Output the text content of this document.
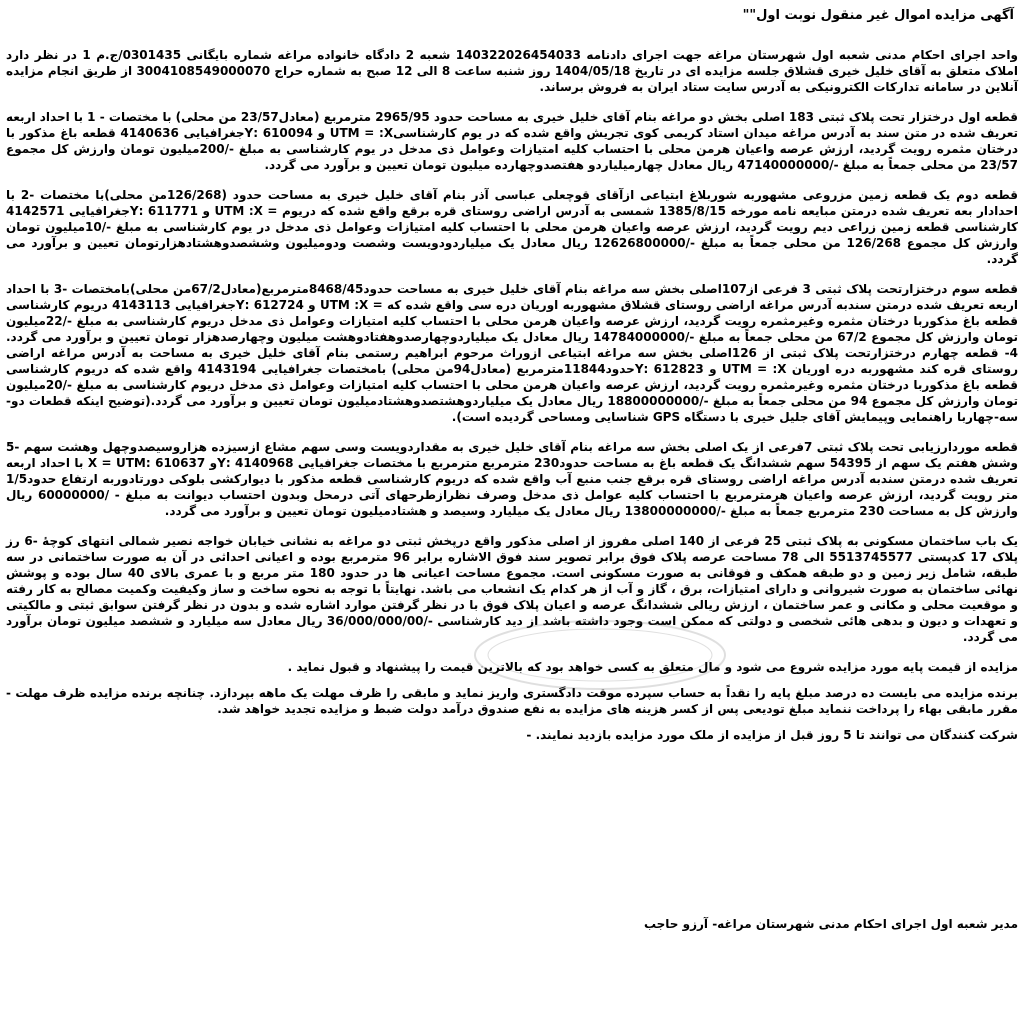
آگهی مزایده اموال غیر منقول نوبت اول""

واحد اجرای احکام مدنی شعبه اول شهرستان مراغه جهت اجرای دادنامه 140322026454033 شعبه 2 دادگاه خانواده مراغه شماره بایگانی 0301435/ج.م 1 در نظر دارد املاک متعلق به آقای خلیل خیری قشلاق جلسه مزایده ای در تاریخ 1404/05/18 روز شنبه ساعت 8 الی 12 صبح به شماره حراج 3004108549000070 از طریق انجام مزایده آنلاین در سامانه تدارکات الکترونیکی به آدرس سایت ستاد ایران به فروش برساند.

قطعه اول درختزار تحت پلاک ثبتی 183 اصلی بخش دو مراغه بنام آقای خلیل خیری به مساحت حدود 2965/95 مترمربع (معادل23/57 من محلی) با مختصات - 1 با احداد اربعه تعریف شده در متن سند به آدرس مراغه میدان استاد کریمی کوی تجریش واقع شده که در یوم کارشناسیUTM = :X و 610094 :Yجغرافیایی 4140636 قطعه باغ مذکور با درختان مثمره رویت گردید، ارزش عرصه واعیان هرمن محلی با احتساب کلیه امتیازات وعوامل ذی مدخل در یوم کارشناسی به مبلغ -/200میلیون تومان وارزش کل مجموع 23/57 من محلی جمعاً به مبلغ -/47140000000 ریال معادل چهارمیلیاردو هفتصدوچهارده میلیون تومان تعیین و برآورد می گردد.

قطعه دوم یک قطعه زمین مزروعی مشهوربه شوربلاغ ابتیاعی ازآقای قوچعلی عباسی آذر بنام آقای خلیل خیری به مساحت حدود (126/268من محلی)با مختصات -2 با احدادار بعه تعریف شده درمتن مبایعه نامه مورخه 1385/8/15 شمسی به آدرس اراضی روستای قره برقع واقع شده که دریوم = UTM :X و 611771 :Yجغرافیایی 4142571 کارشناسی قطعه زمین زراعی دیم رویت گردید، ارزش عرصه واعیان هرمن محلی با احتساب کلیه امتیازات وعوامل ذی مدخل در یوم کارشناسی به مبلغ -/10میلیون تومان وارزش کل مجموع 126/268 من محلی جمعاً به مبلغ -/12626800000 ریال معادل یک میلیاردودویست وشصت ودومیلیون وششصدوهشتادهزارتومان تعیین و برآورد می گردد.

قطعه سوم درختزارتحت پلاک ثبتی 3 فرعی از107اصلی بخش سه مراغه بنام آقای خلیل خیری به مساحت حدود8468/45مترمربع(معادل67/2من محلی)بامختصات -3 با احداد اربعه تعریف شده درمتن سندبه آدرس مراغه اراضی روستای قشلاق مشهوربه اوریان دره سی واقع شده که = UTM :X و 612724 :Yجغرافیایی 4143113 دریوم کارشناسی قطعه باغ مذکوربا درختان مثمره وغیرمثمره رویت گردید، ارزش عرصه واعیان هرمن محلی با احتساب کلیه امتیازات وعوامل ذی مدخل دریوم کارشناسی به مبلغ -/22میلیون تومان وارزش کل مجموع 67/2 من محلی جمعاً به مبلغ -/14784000000 ریال معادل یک میلیاردوچهارصدوهفتادوهشت میلیون وچهارصدهزار تومان تعیین و برآورد می گردد. 4- قطعه چهارم درختزارتحت پلاک ثبتی از 126اصلی بخش سه مراغه ابتیاعی ازوراث مرحوم ابراهیم رستمی بنام آقای خلیل خیری به مساحت به آدرس مراغه اراضی روستای قره کند مشهوربه دره اوریان UTM = :X و 612823 :Yحدود11844مترمربع (معادل94من محلی) بامختصات جغرافیایی 4143194 واقع شده که دریوم کارشناسی قطعه باغ مذکوربا درختان مثمره وغیرمثمره رویت گردید، ارزش عرصه واعیان هرمن محلی با احتساب کلیه امتیازات وعوامل ذی مدخل دریوم کارشناسی به مبلغ -/20میلیون تومان وارزش کل مجموع 94 من محلی جمعاً به مبلغ -/18800000000 ریال معادل یک میلیاردوهشتصدوهشتادمیلیون تومان تعیین و برآورد می گردد.(توضیح اینکه قطعات دو- سه-چهاربا راهنمایی وپیمایش آقای جلیل خیری با دستگاه GPS شناسایی ومساحی گردیده است).

قطعه موردارزیابی تحت پلاک ثبتی 7فرعی از یک اصلی بخش سه مراغه بنام آقای خلیل خیری به مقداردویست وسی سهم مشاع ازسیزده هزاروسیصدوچهل وهشت سهم -5 وشش هفتم یک سهم از 54395 سهم ششدانگ یک قطعه باغ به مساحت حدود230 مترمربع مترمربع با مختصات جغرافیایی 4140968 :Yو 610637 :X = UTM با احداد اربعه تعریف شده درمتن سندبه آدرس مراغه اراضی روستای قره برقع جنب منبع آب واقع شده که دریوم کارشناسی قطعه مذکور با دیوارکشی بلوکی دورتادوربه ارتفاع حدود1/5 متر رویت گردید، ارزش عرصه واعیان هرمترمربع با احتساب کلیه عوامل ذی مدخل وصرف نظرازطرحهای آتی درمحل وبدون احتساب دیوانت به مبلغ - /60000000 ریال وارزش کل به مساحت 230 مترمربع جمعاً به مبلغ -/13800000000 ریال معادل یک میلیارد وسیصد و هشتادمیلیون تومان تعیین و برآورد می گردد.

یک باب ساختمان مسکونی به پلاک ثبتی 25 فرعی از 140 اصلی مفروز از اصلی مذکور واقع درپخش ثبتی دو مراغه به نشانی خیابان خواجه نصیر شمالی انتهای کوچهٔ -6 رز پلاک 17 کدپستی 5513745577 الی 78 مساحت عرصه پلاک فوق برابر تصویر سند فوق الاشاره برابر 96 مترمربع بوده و اعیانی احداثی در آن به صورت ساختمانی در سه طبقه، شامل زیر زمین و دو طبقه همکف و فوقانی به صورت مسکونی است. مجموع مساحت اعیانی ها در حدود 180 متر مربع و با عمری بالای 40 سال بوده و پوشش نهائی ساختمان به صورت شیروانی و دارای امتیازات، برق ، گاز و آب از هر کدام یک انشعاب می باشد. نهایتاً با توجه به نحوه ساخت و ساز وکیفیت وکمیت مصالح به کار رفته و موقعیت محلی و مکانی و عمر ساختمان ، ارزش ریالی ششدانگ عرصه و اعیان پلاک فوق با در نظر گرفتن موارد اشاره شده و بدون در نظر گرفتن سوابق ثبتی و مالکیتی و تعهدات و دیون و بدهی هائی شخصی و دولتی که ممکن است وجود داشته باشد از دید کارشناسی -/36/000/000/00 ریال معادل سه میلیارد و ششصد میلیون تومان برآورد می گردد.

مزایده از قیمت پایه مورد مزایده شروع می شود و مال متعلق به کسی خواهد بود که بالاترین قیمت را پیشنهاد و قبول نماید .

برنده مزایده می بایست ده درصد مبلغ پایه را نقداً به حساب سپرده موقت دادگستری واریز نماید و مابقی را ظرف مهلت یک ماهه بپردازد. چنانچه برنده مزایده ظرف مهلت - مقرر مابقی بهاء را پرداخت ننماید مبلغ تودیعی پس از کسر هزینه های مزایده به نفع صندوق درآمد دولت ضبط و مزایده تجدید خواهد شد.

شرکت کنندگان می توانند تا 5 روز قبل از مزایده از ملک مورد مزایده بازدید نمایند. -

مدیر شعبه اول اجرای احکام مدنی شهرستان مراغه- آرزو حاجب
